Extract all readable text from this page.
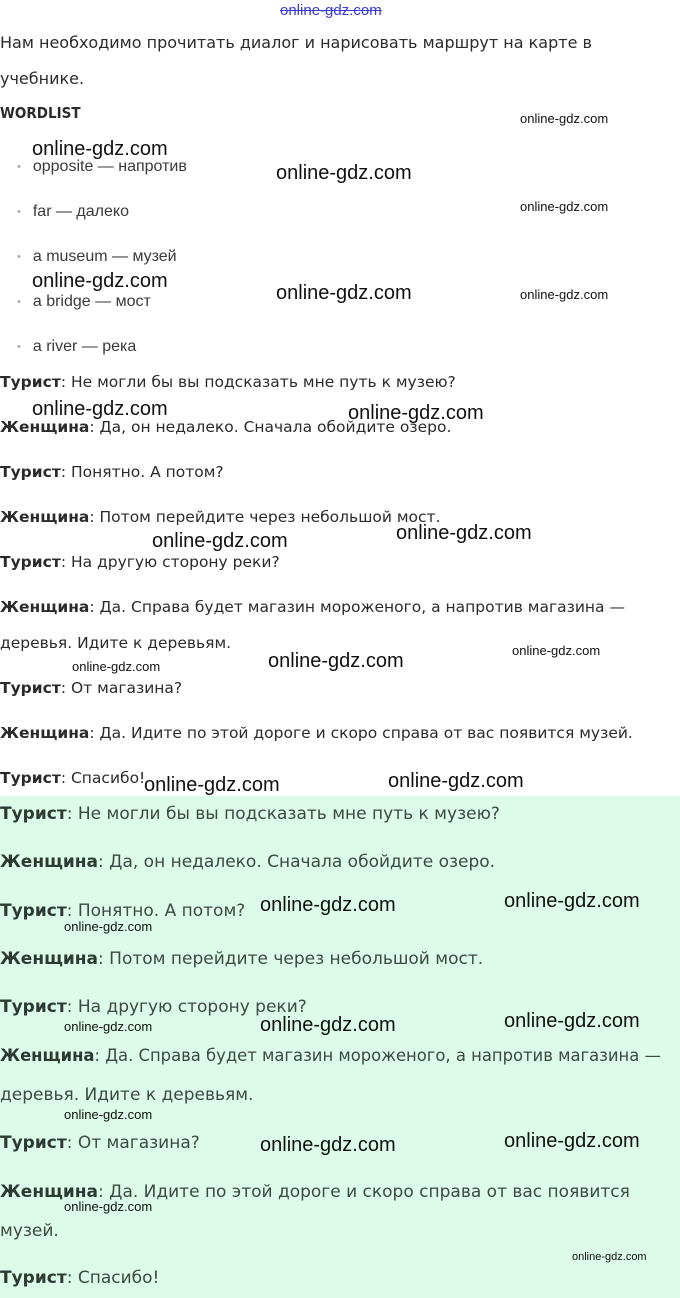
online-gdz.com
Нам необходимо прочитать диалог и нарисовать маршрут на карте в
учебнике.
WORDLIST
• opposite — напротив
• far — далеко
• a museum — музей
• a bridge — мост
• a river — река
Турист: Не могли бы вы подсказать мне путь к музею?
Женщина: Да, он недалеко. Сначала обойдите озеро.
Турист: Понятно. А потом?
Женщина: Потом перейдите через небольшой мост.
Турист: На другую сторону реки?
Женщина: Да. Справа будет магазин мороженого, а напротив магазина —
деревья. Идите к деревьям.
Турист: От магазина?
Женщина: Да. Идите по этой дороге и скоро справа от вас появится музей.
Турист: Спасибо!
Турист: Не могли бы вы подсказать мне путь к музею?
Женщина: Да, он недалеко. Сначала обойдите озеро.
Турист: Понятно. А потом?
Женщина: Потом перейдите через небольшой мост.
Турист: На другую сторону реки?
Женщина: Да. Справа будет магазин мороженого, а напротив магазина —
деревья. Идите к деревьям.
Турист: От магазина?
Женщина: Да. Идите по этой дороге и скоро справа от вас появится
музей.
Турист: Спасибо!
online-gdz.com
online-gdz.com
online-gdz.com
online-gdz.com
online-gdz.com
online-gdz.com	online-gdz.com
online-gdz.com	online-gdz.com
online-gdz.com
online-gdz.com
online-gdz.com
online-gdz.com
online-gdz.com
online-gdz.com
online-gdz.com
online-gdz.com
online-gdz.com
online-gdz.com
online-gdz.com
online-gdz.com
online-gdz.com
online-gdz.com
online-gdz.com
online-gdz.com
online-gdz.com
online-gdz.com
